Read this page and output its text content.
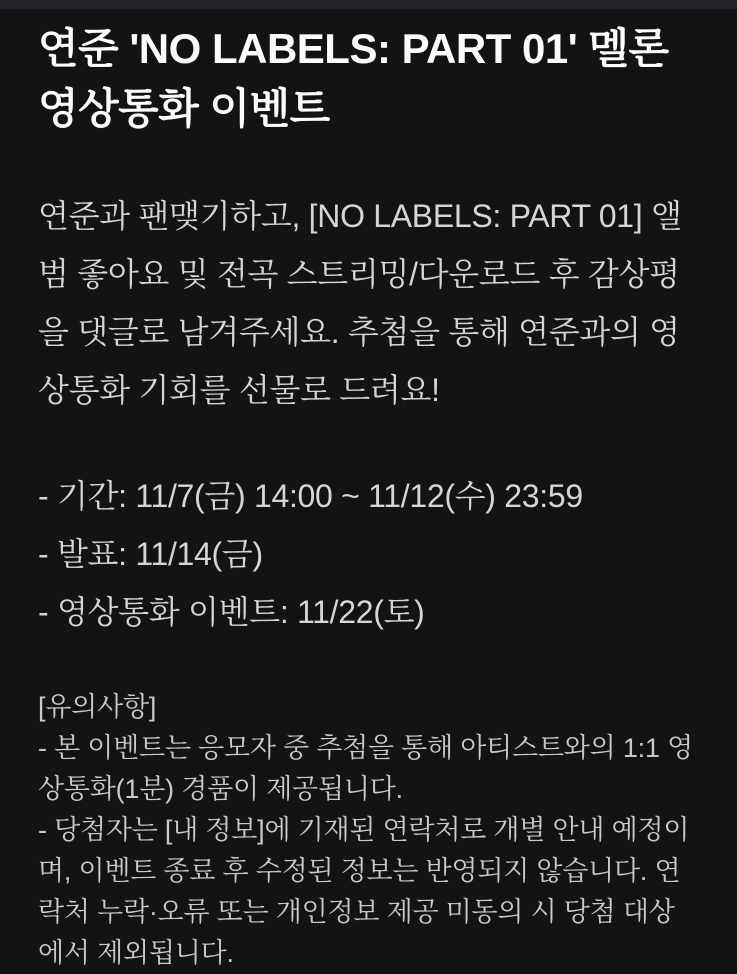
연준 'NO LABELS: PART 01' 멜론 영상통화 이벤트

연준과 팬맺기하고, [NO LABELS: PART 01] 앨범 좋아요 및 전곡 스트리밍/다운로드 후 감상평을 댓글로 남겨주세요. 추첨을 통해 연준과의 영상통화 기회를 선물로 드려요!

- 기간: 11/7(금) 14:00 ~ 11/12(수) 23:59
- 발표: 11/14(금)
- 영상통화 이벤트: 11/22(토)

[유의사항]

- 본 이벤트는 응모자 중 추첨을 통해 아티스트와의 1:1 영상통화(1분) 경품이 제공됩니다.

- 당첨자는 [내 정보]에 기재된 연락처로 개별 안내 예정이며, 이벤트 종료 후 수정된 정보는 반영되지 않습니다. 연락처 누락·오류 또는 개인정보 제공 미동의 시 당첨 대상에서 제외됩니다.
